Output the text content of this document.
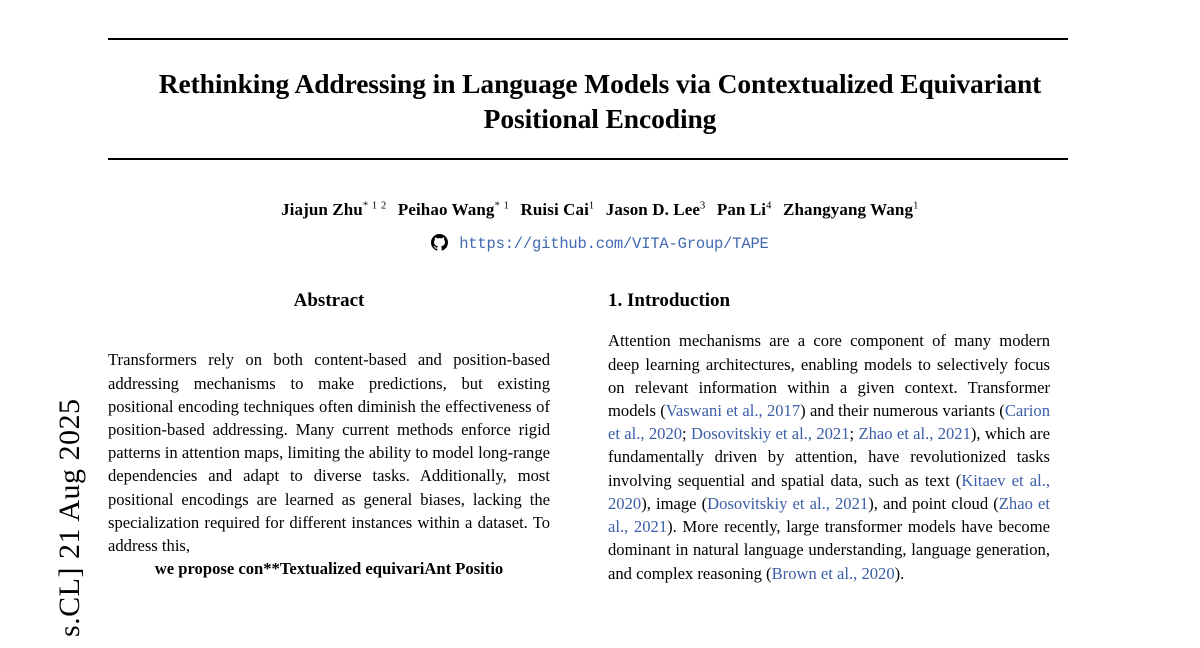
s.CL] 21 Aug 2025
Rethinking Addressing in Language Models via Contextualized Equivariant Positional Encoding
Jiajun Zhu$^{* 1 2}$ Peihao Wang$^{* 1}$ Ruisi Cai$^1$ Jason D. Lee$^3$ Pan Li$^4$ Zhangyang Wang$^1$
https://github.com/VITA-Group/TAPE
Abstract

Transformers rely on both content-based and position-based addressing mechanisms to make predictions, but existing positional encoding techniques often diminish the effectiveness of position-based addressing. Many current methods enforce rigid patterns in attention maps, limiting the ability to model long-range dependencies and adapt to diverse tasks. Additionally, most positional encodings are learned as general biases, lacking the specialization required for different instances within a dataset. To address this,

we propose con**Textualized equivariAnt Positio

1. Introduction

Attention mechanisms are a core component of many modern deep learning architectures, enabling models to selectively focus on relevant information within a given context. Transformer models (Vaswani et al., 2017) and their numerous variants (Carion et al., 2020; Dosovitskiy et al., 2021; Zhao et al., 2021), which are fundamentally driven by attention, have revolutionized tasks involving sequential and spatial data, such as text (Kitaev et al., 2020), image (Dosovitskiy et al., 2021), and point cloud (Zhao et al., 2021). More recently, large transformer models have become dominant in natural language understanding, language generation, and complex reasoning (Brown et al., 2020).
